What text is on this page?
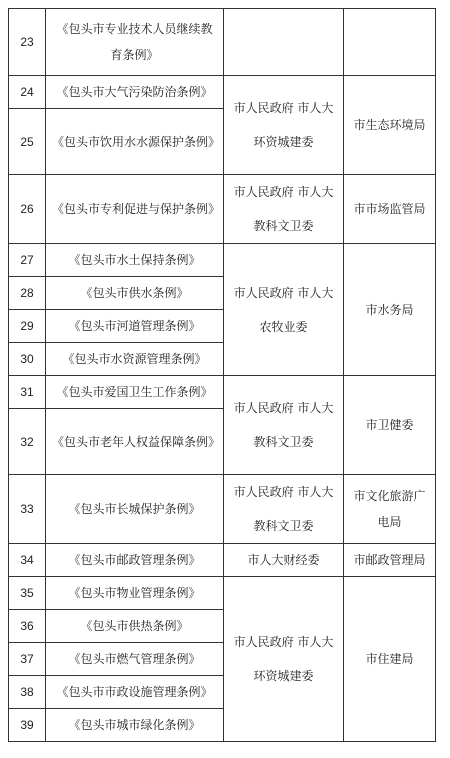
23	《包头市专业技术人员继续教育条例》		
24	《包头市大气污染防治条例》	市人民政府 市人大环资城建委	市生态环境局
25	《包头市饮用水水源保护条例》		
26	《包头市专利促进与保护条例》	市人民政府 市人大教科文卫委	市市场监管局
27	《包头市水土保持条例》	市人民政府 市人大农牧业委	市水务局
28	《包头市供水条例》		
29	《包头市河道管理条例》		
30	《包头市水资源管理条例》		
31	《包头市爱国卫生工作条例》	市人民政府 市人大教科文卫委	市卫健委
32	《包头市老年人权益保障条例》		
33	《包头市长城保护条例》	市人民政府 市人大教科文卫委	市文化旅游广电局
34	《包头市邮政管理条例》	市人大财经委	市邮政管理局
35	《包头市物业管理条例》	市人民政府 市人大环资城建委	市住建局
36	《包头市供热条例》		
37	《包头市燃气管理条例》		
38	《包头市市政设施管理条例》		
39	《包头市城市绿化条例》		
